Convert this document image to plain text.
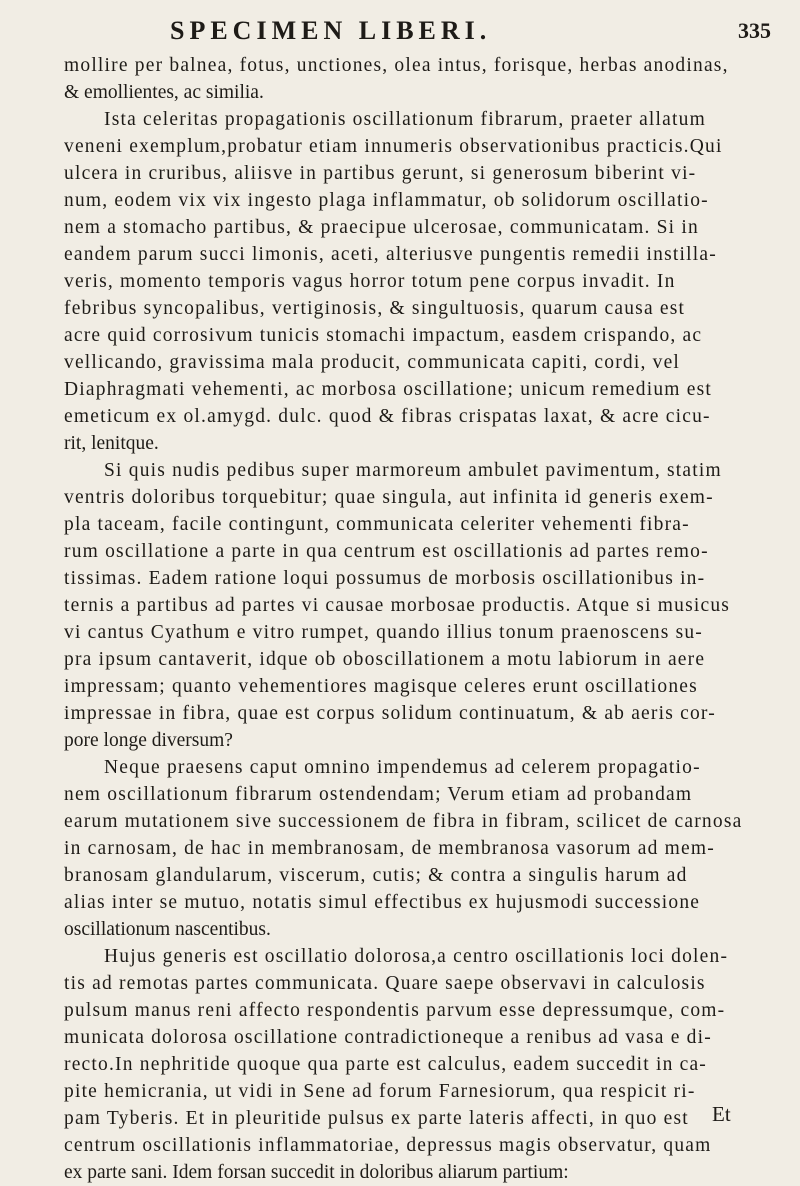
SPECIMEN LIBERI.	335
mollire per balnea, fotus, unctiones, olea intus, forisque, herbas anodinas,
& emollientes, ac similia.
Ista celeritas propagationis oscillationum fibrarum, praeter allatum
veneni exemplum,probatur etiam innumeris observationibus practicis.Qui
ulcera in cruribus, aliisve in partibus gerunt, si generosum biberint vi-
num, eodem vix vix ingesto plaga inflammatur, ob solidorum oscillatio-
nem a stomacho partibus, & praecipue ulcerosae, communicatam. Si in
eandem parum succi limonis, aceti, alteriusve pungentis remedii instilla-
veris, momento temporis vagus horror totum pene corpus invadit. In
febribus syncopalibus, vertiginosis, & singultuosis, quarum causa est
acre quid corrosivum tunicis stomachi impactum, easdem crispando, ac
vellicando, gravissima mala producit, communicata capiti, cordi, vel
Diaphragmati vehementi, ac morbosa oscillatione; unicum remedium est
emeticum ex ol.amygd. dulc. quod & fibras crispatas laxat, & acre cicu-
rit, lenitque.
Si quis nudis pedibus super marmoreum ambulet pavimentum, statim
ventris doloribus torquebitur; quae singula, aut infinita id generis exem-
pla taceam, facile contingunt, communicata celeriter vehementi fibra-
rum oscillatione a parte in qua centrum est oscillationis ad partes remo-
tissimas. Eadem ratione loqui possumus de morbosis oscillationibus in-
ternis a partibus ad partes vi causae morbosae productis. Atque si musicus
vi cantus Cyathum e vitro rumpet, quando illius tonum praenoscens su-
pra ipsum cantaverit, idque ob oboscillationem a motu labiorum in aere
impressam; quanto vehementiores magisque celeres erunt oscillationes
impressae in fibra, quae est corpus solidum continuatum, & ab aeris cor-
pore longe diversum?
Neque praesens caput omnino impendemus ad celerem propagatio-
nem oscillationum fibrarum ostendendam; Verum etiam ad probandam
earum mutationem sive successionem de fibra in fibram, scilicet de carnosa
in carnosam, de hac in membranosam, de membranosa vasorum ad mem-
branosam glandularum, viscerum, cutis; & contra a singulis harum ad
alias inter se mutuo, notatis simul effectibus ex hujusmodi successione
oscillationum nascentibus.
Hujus generis est oscillatio dolorosa,a centro oscillationis loci dolen-
tis ad remotas partes communicata. Quare saepe observavi in calculosis
pulsum manus reni affecto respondentis parvum esse depressumque, com-
municata dolorosa oscillatione contradictioneque a renibus ad vasa e di-
recto.In nephritide quoque qua parte est calculus, eadem succedit in ca-
pite hemicrania, ut vidi in Sene ad forum Farnesiorum, qua respicit ri-
pam Tyberis. Et in pleuritide pulsus ex parte lateris affecti, in quo est
centrum oscillationis inflammatoriae, depressus magis observatur, quam
ex parte sani. Idem forsan succedit in doloribus aliarum partium:
Et
